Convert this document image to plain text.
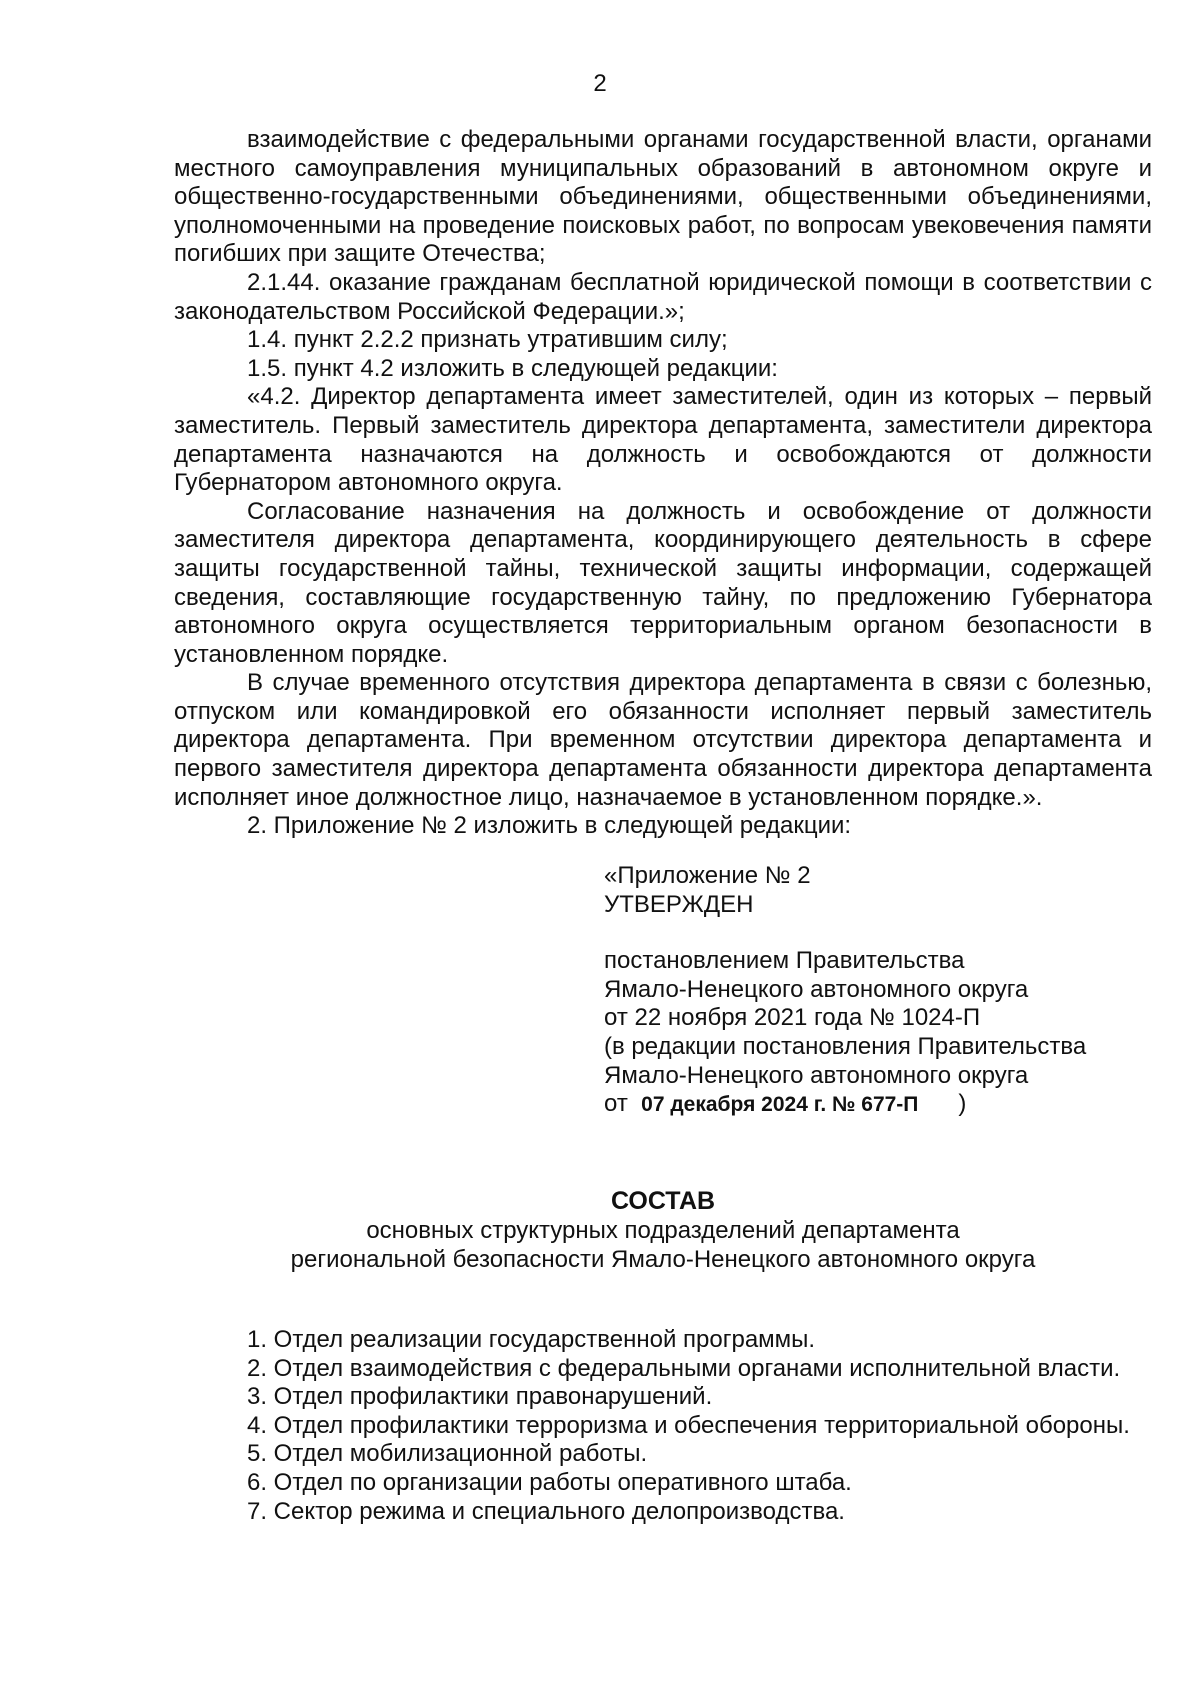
2

взаимодействие с федеральными органами государственной власти, органами местного самоуправления муниципальных образований в автономном округе и общественно-государственными объединениями, общественными объединениями, уполномоченными на проведение поисковых работ, по вопросам увековечения памяти погибших при защите Отечества;

2.1.44. оказание гражданам бесплатной юридической помощи в соответствии с законодательством Российской Федерации.»;

1.4. пункт 2.2.2 признать утратившим силу;

1.5. пункт 4.2 изложить в следующей редакции:

«4.2. Директор департамента имеет заместителей, один из которых – первый заместитель. Первый заместитель директора департамента, заместители директора департамента назначаются на должность и освобождаются от должности Губернатором автономного округа.

Согласование назначения на должность и освобождение от должности заместителя директора департамента, координирующего деятельность в сфере защиты государственной тайны, технической защиты информации, содержащей сведения, составляющие государственную тайну, по предложению Губернатора автономного округа осуществляется территориальным органом безопасности в установленном порядке.

В случае временного отсутствия директора департамента в связи с болезнью, отпуском или командировкой его обязанности исполняет первый заместитель директора департамента. При временном отсутствии директора департамента и первого заместителя директора департамента обязанности директора департамента исполняет иное должностное лицо, назначаемое в установленном порядке.».

2. Приложение № 2 изложить в следующей редакции:

«Приложение № 2
УТВЕРЖДЕН
постановлением Правительства
Ямало-Ненецкого автономного округа
от 22 ноября 2021 года № 1024-П
(в редакции постановления Правительства
Ямало-Ненецкого автономного округа
от 07 декабря 2024 г. № 677-П )
СОСТАВ
основных структурных подразделений департамента
региональной безопасности Ямало-Ненецкого автономного округа

1. Отдел реализации государственной программы.

2. Отдел взаимодействия с федеральными органами исполнительной власти.

3. Отдел профилактики правонарушений.

4. Отдел профилактики терроризма и обеспечения территориальной обороны.

5. Отдел мобилизационной работы.

6. Отдел по организации работы оперативного штаба.

7. Сектор режима и специального делопроизводства.
